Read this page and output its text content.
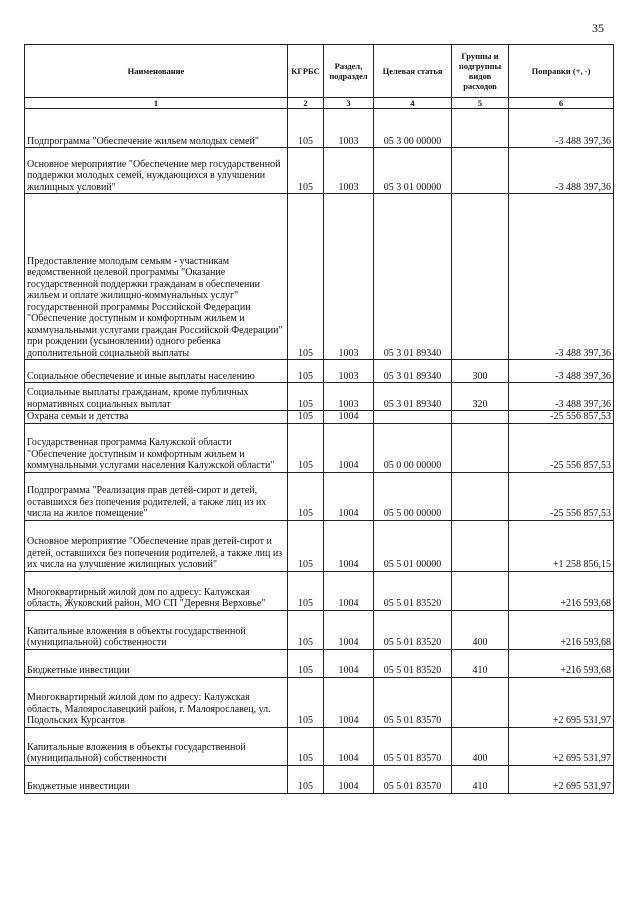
35
Наименование	КГРБС	Раздел, подраздел	Целевая статья	Группы и подгруппы видов расходов	Поправки (+, -)
1	2	3	4	5	6
Подпрограмма "Обеспечение жильем молодых семей"	105	1003	05 3 00 00000		-3 488 397,36
Основное мероприятие "Обеспечение мер государственной поддержки молодых семей, нуждающихся в улучшении жилищных условий"	105	1003	05 3 01 00000		-3 488 397,36
Предоставление молодым семьям - участникам ведомственной целевой программы "Оказание государственной поддержки гражданам в обеспечении жильем и оплате жилищно-коммунальных услуг" государственной программы Российской Федерации "Обеспечение доступным и комфортным жильем и коммунальными услугами граждан Российской Федерации" при рождении (усыновлении) одного ребенка дополнительной социальной выплаты	105	1003	05 3 01 89340		-3 488 397,36
Социальное обеспечение и иные выплаты населению	105	1003	05 3 01 89340	300	-3 488 397,36
Социальные выплаты гражданам, кроме публичных нормативных социальных выплат	105	1003	05 3 01 89340	320	-3 488 397,36
Охрана семьи и детства	105	1004			-25 556 857,53
Государственная программа Калужской области "Обеспечение доступным и комфортным жильем и коммунальными услугами населения Калужской области"	105	1004	05 0 00 00000		-25 556 857,53
Подпрограмма "Реализация прав детей-сирот и детей, оставшихся без попечения родителей, а также лиц из их числа на жилое помещение"	105	1004	05 5 00 00000		-25 556 857,53
Основное мероприятие "Обеспечение прав детей-сирот и детей, оставшихся без попечения родителей, а также лиц из их числа на улучшение жилищных условий"	105	1004	05 5 01 00000		+1 258 856,15
Многоквартирный жилой дом по адресу: Калужская область, Жуковский район, МО СП "Деревня Верховье"	105	1004	05 5 01 83520		+216 593,68
Капитальные вложения в объекты государственной (муниципальной) собственности	105	1004	05 5 01 83520	400	+216 593,68
Бюджетные инвестиции	105	1004	05 5 01 83520	410	+216 593,68
Многоквартирный жилой дом по адресу: Калужская область, Малоярославецкий район, г. Малоярославец, ул. Подольских Курсантов	105	1004	05 5 01 83570		+2 695 531,97
Капитальные вложения в объекты государственной (муниципальной) собственности	105	1004	05 5 01 83570	400	+2 695 531,97
Бюджетные инвестиции	105	1004	05 5 01 83570	410	+2 695 531,97
